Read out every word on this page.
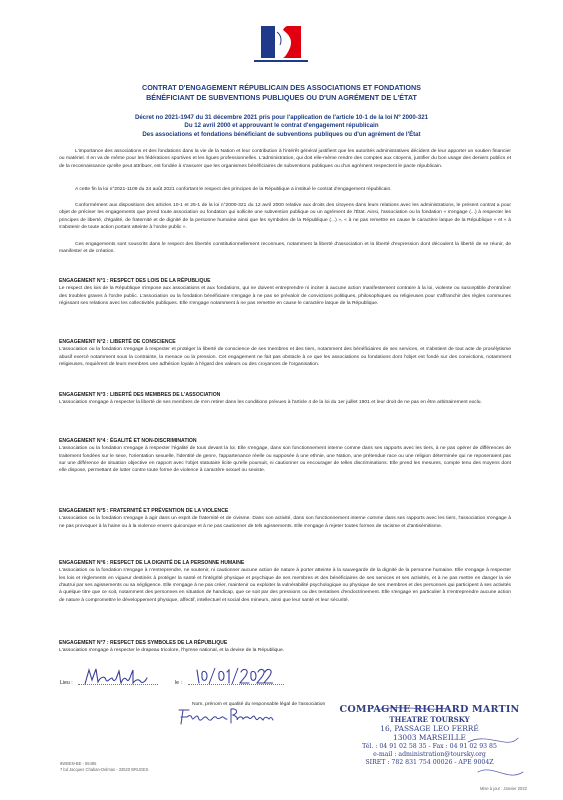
CONTRAT D'ENGAGEMENT RÉPUBLICAIN DES ASSOCIATIONS ET FONDATIONS
BÉNÉFICIANT DE SUBVENTIONS PUBLIQUES OU D'UN AGRÉMENT DE L'ÉTAT
Décret no 2021-1947 du 31 décembre 2021 pris pour l'application de l'article 10-1 de la loi Nº 2000-321
Du 12 avril 2000 et approuvant le contrat d'engagement républicain
Des associations et fondations bénéficiant de subventions publiques ou d'un agrément de l'État
L'importance des associations et des fondations dans la vie de la Nation et leur contribution à l'intérêt général justifient que les autorités administratives décident de leur apporter un soutien financier ou matériel. Il en va de même pour les fédérations sportives et les ligues professionnelles. L'administration, qui doit elle-même rendre des comptes aux citoyens, justifier du bon usage des deniers publics et de la reconnaissance qu'elle peut attribuer, est fondée à s'assurer que les organismes bénéficiaires de subventions publiques ou d'un agrément respectent le pacte républicain.
A cette fin la loi n°2021-1109 du 24 août 2021 confortant le respect des principes de la République a institué le contrat d'engagement républicain.
Conformément aux dispositions des articles 10-1 et 25-1 de la loi n°2000-321 du 12 avril 2000 relative aux droits des citoyens dans leurs relations avec les administrations, le présent contrat a pour objet de préciser les engagements que prend toute association ou fondation qui sollicite une subvention publique ou un agrément de l'État. Ainsi, l'association ou la fondation « s'engage (...) à respecter les principes de liberté, d'égalité, de fraternité et de dignité de la personne humaine ainsi que les symboles de la République (...) », « à ne pas remettre en cause le caractère laïque de la République » et « à s'abstenir de toute action portant atteinte à l'ordre public ».
Ces engagements sont souscrits dans le respect des libertés constitutionnellement reconnues, notamment la liberté d'association et la liberté d'expression dont découlent la liberté de se réunir, de manifester et de création.
ENGAGEMENT N°1 : RESPECT DES LOIS DE LA RÉPUBLIQUE
Le respect des lois de la République s'impose aux associations et aux fondations, qui ne doivent entreprendre ni inciter à aucune action manifestement contraire à la loi, violente ou susceptible d'entraîner des troubles graves à l'ordre public. L'association ou la fondation bénéficiaire s'engage à ne pas se prévaloir de convictions politiques, philosophiques ou religieuses pour s'affranchir des règles communes régissant ses relations avec les collectivités publiques. Elle s'engage notamment à ne pas remettre en cause le caractère laïque de la République.
ENGAGEMENT N°2 : LIBERTÉ DE CONSCIENCE
L'association ou la fondation s'engage à respecter et protéger la liberté de conscience de ses membres et des tiers, notamment des bénéficiaires de ses services, et s'abstient de tout acte de prosélytisme abusif exercé notamment sous la contrainte, la menace ou la pression. Cet engagement ne fait pas obstacle à ce que les associations ou fondations dont l'objet est fondé sur des convictions, notamment religieuses, requièrent de leurs membres une adhésion loyale à l'égard des valeurs ou des croyances de l'organisation.
ENGAGEMENT N°3 : LIBERTÉ DES MEMBRES DE L'ASSOCIATION
L'association s'engage à respecter la liberté de ses membres de s'en retirer dans les conditions prévues à l'article 4 de la loi du 1er juillet 1901 et leur droit de ne pas en être arbitrairement exclu.
ENGAGEMENT N°4 : ÉGALITÉ ET NON-DISCRIMINATION
L'association ou la fondation s'engage à respecter l'égalité de tous devant la loi. Elle s'engage, dans son fonctionnement interne comme dans ses rapports avec les tiers, à ne pas opérer de différences de traitement fondées sur le sexe, l'orientation sexuelle, l'identité de genre, l'appartenance réelle ou supposée à une ethnie, une Nation, une prétendue race ou une religion déterminée qui ne reposeraient pas sur une différence de situation objective en rapport avec l'objet statutaire licite qu'elle poursuit, ni cautionner ou encourager de telles discriminations. Elle prend les mesures, compte tenu des moyens dont elle dispose, permettant de lutter contre toute forme de violence à caractère sexuel ou sexiste.
ENGAGEMENT N°5 : FRATERNITÉ ET PRÉVENTION DE LA VIOLENCE
L'association ou la fondation s'engage à agir dans un esprit de fraternité et de civisme. Dans son activité, dans son fonctionnement interne comme dans ses rapports avec les tiers, l'association s'engage à ne pas provoquer à la haine ou à la violence envers quiconque et à ne pas cautionner de tels agissements. Elle s'engage à rejeter toutes formes de racisme et d'antisémitisme.
ENGAGEMENT N°6 : RESPECT DE LA DIGNITÉ DE LA PERSONNE HUMAINE
L'association ou la fondation s'engage à n'entreprendre, ne soutenir, ni cautionner aucune action de nature à porter atteinte à la sauvegarde de la dignité de la personne humaine. Elle s'engage à respecter les lois et règlements en vigueur destinés à protéger la santé et l'intégrité physique et psychique de ses membres et des bénéficiaires de ses services et ses activités, et à ne pas mettre en danger la vie d'autrui par ses agissements ou sa négligence. Elle s'engage à ne pas créer, maintenir ou exploiter la vulnérabilité psychologique ou physique de ses membres et des personnes qui participent à ses activités à quelque titre que ce soit, notamment des personnes en situation de handicap, que ce soit par des pressions ou des tentatives d'endoctrinement. Elle s'engage en particulier à n'entreprendre aucune action de nature à compromettre le développement physique, affectif, intellectuel et social des mineurs, ainsi que leur santé et leur sécurité.
ENGAGEMENT N°7 : RESPECT DES SYMBOLES DE LA RÉPUBLIQUE
L'association s'engage à respecter le drapeau tricolore, l'hymne national, et la devise de la République.
Lieu :	le :
Nom, prénom et qualité du responsable légal de l'association	COMPAGNIE RICHARD MARTIN
THEATRE TOURSKY
16, PASSAGE LEO FERRÉ
13003 MARSEILLE
Tél. : 04 91 02 58 35 - Fax : 04 91 02 93 85
e-mail : administration@toursky.org
SIRET : 782 831 754 00026 - APE 9004Z
8WBEN-BE - 55485
7 bd Jacques Chaban-Delmas - 33520 BRUGES
Mise à jour : Janvier 2022
